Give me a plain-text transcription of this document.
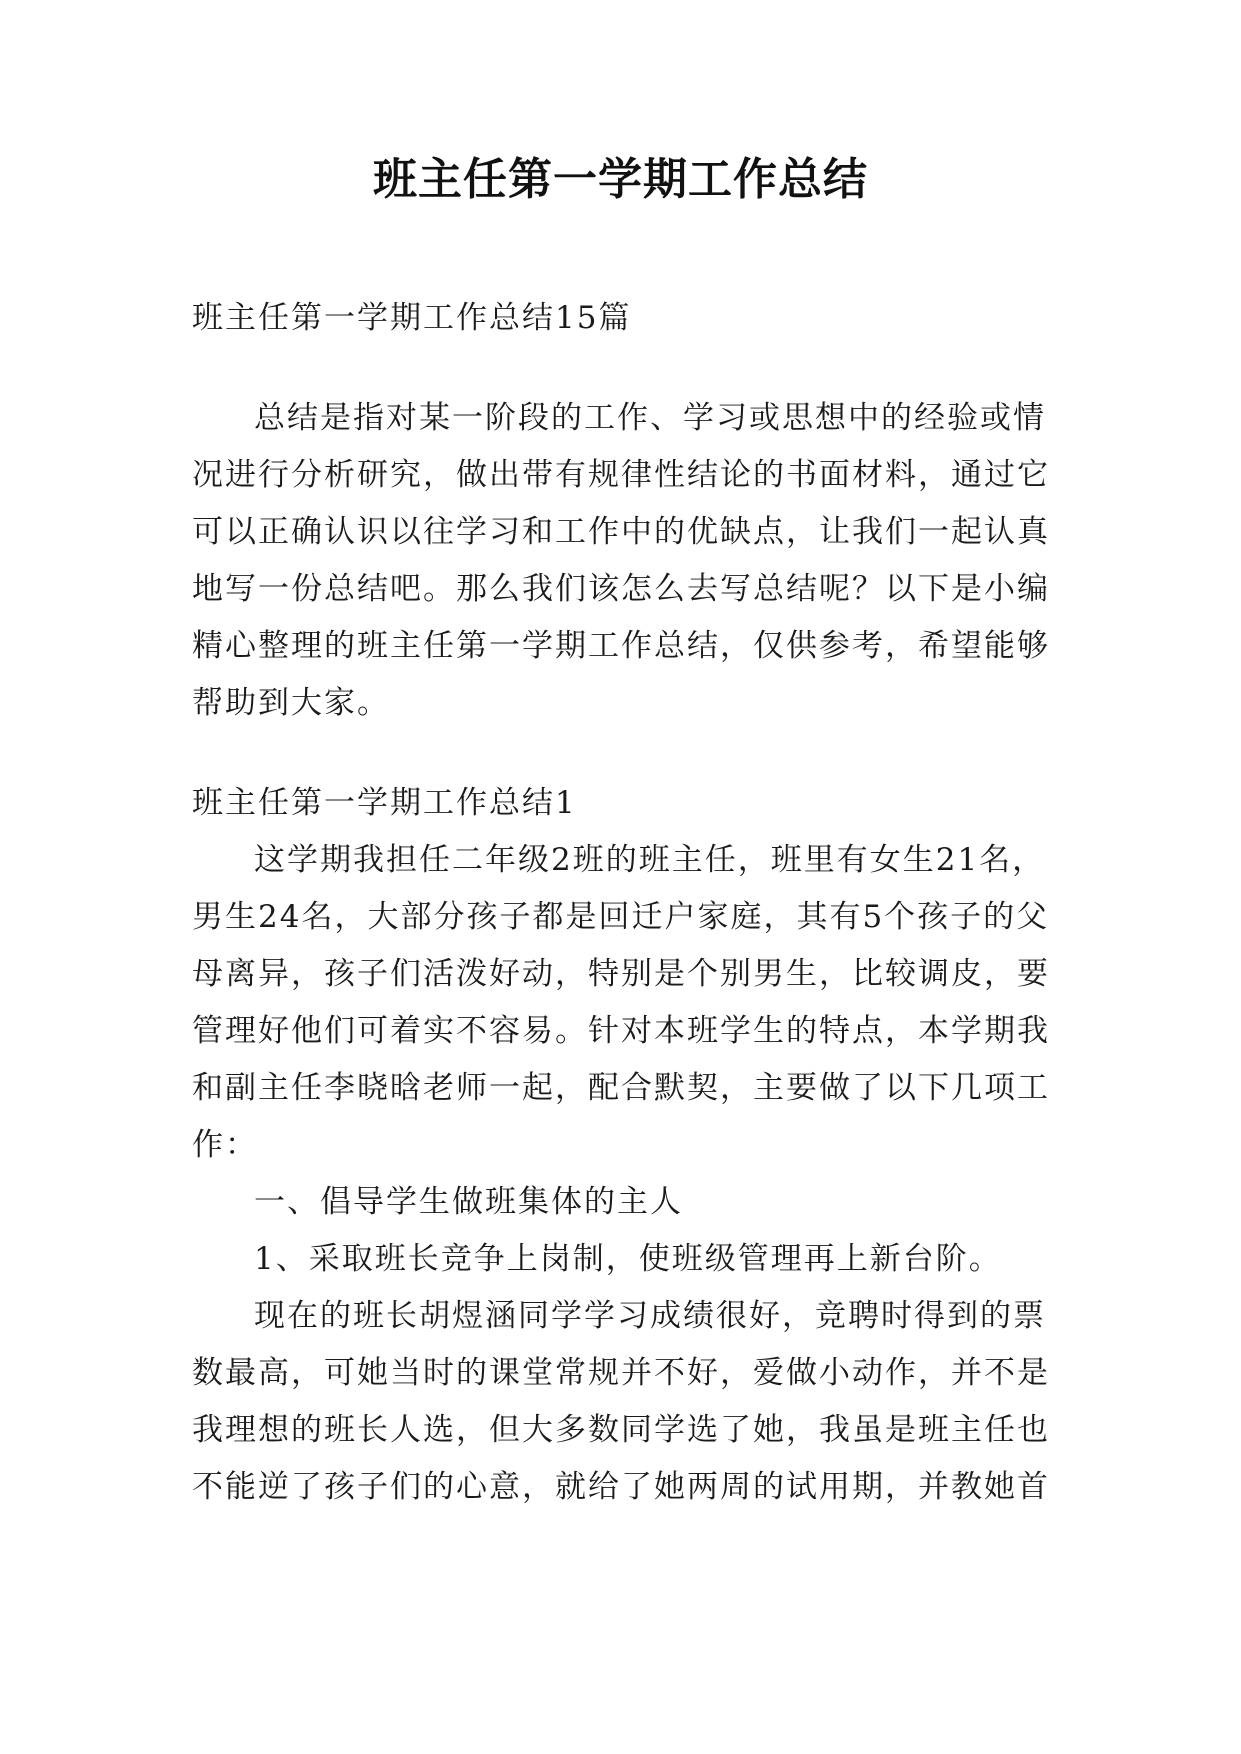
班主任第一学期工作总结

班主任第一学期工作总结15篇

总结是指对某一阶段的工作、学习或思想中的经验或情况进行分析研究，做出带有规律性结论的书面材料，通过它可以正确认识以往学习和工作中的优缺点，让我们一起认真地写一份总结吧。那么我们该怎么去写总结呢？以下是小编精心整理的班主任第一学期工作总结，仅供参考，希望能够帮助到大家。

班主任第一学期工作总结1

这学期我担任二年级2班的班主任，班里有女生21名，男生24名，大部分孩子都是回迁户家庭，其有5个孩子的父母离异，孩子们活泼好动，特别是个别男生，比较调皮，要管理好他们可着实不容易。针对本班学生的特点，本学期我和副主任李晓晗老师一起，配合默契，主要做了以下几项工作：

一、倡导学生做班集体的主人

1、采取班长竞争上岗制，使班级管理再上新台阶。

现在的班长胡煜涵同学学习成绩很好，竞聘时得到的票数最高，可她当时的课堂常规并不好，爱做小动作，并不是我理想的班长人选，但大多数同学选了她，我虽是班主任也不能逆了孩子们的心意，就给了她两周的试用期，并教她首
